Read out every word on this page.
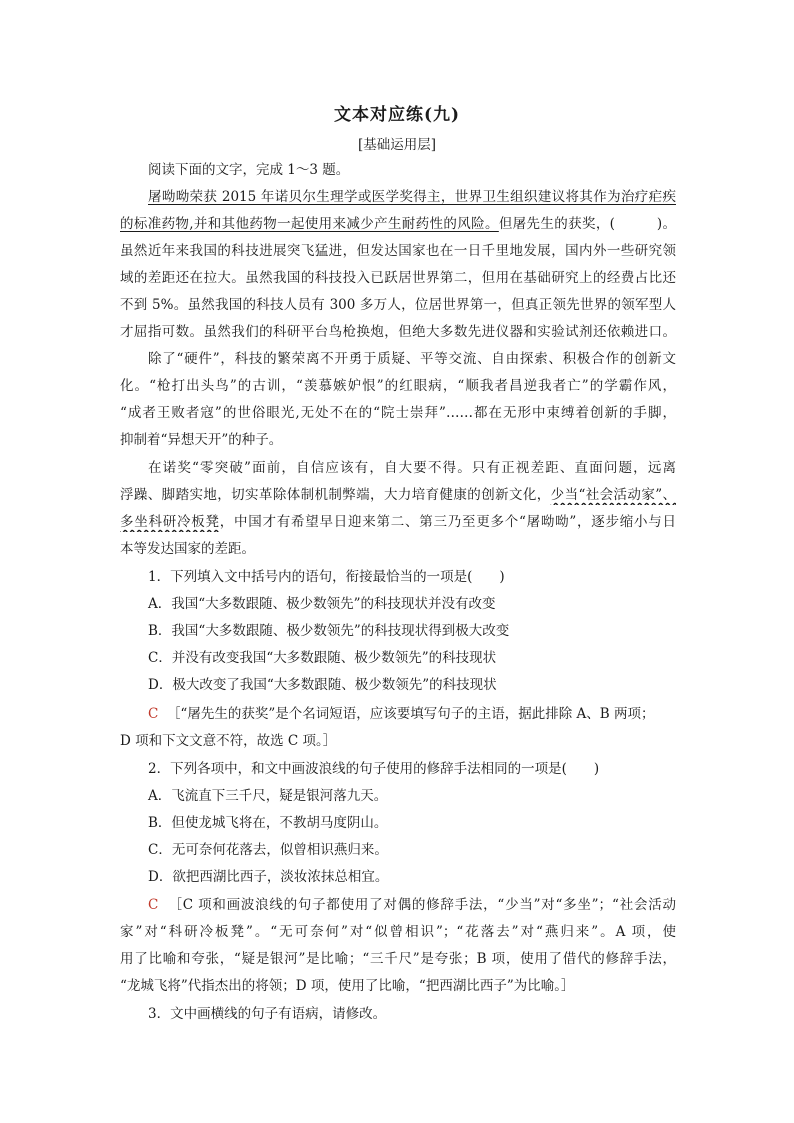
文本对应练(九)
[基础运用层]
阅读下面的文字，完成 1～3 题。
屠呦呦荣获 2015 年诺贝尔生理学或医学奖得主，世界卫生组织建议将其作为治疗疟疾
的标准药物,并和其他药物一起使用来减少产生耐药性的风险。但屠先生的获奖，(　　　)。
虽然近年来我国的科技进展突飞猛进，但发达国家也在一日千里地发展，国内外一些研究领
域的差距还在拉大。虽然我国的科技投入已跃居世界第二，但用在基础研究上的经费占比还
不到 5%。虽然我国的科技人员有 300 多万人，位居世界第一，但真正领先世界的领军型人
才屈指可数。虽然我们的科研平台鸟枪换炮，但绝大多数先进仪器和实验试剂还依赖进口。
除了“硬件”，科技的繁荣离不开勇于质疑、平等交流、自由探索、积极合作的创新文
化。“枪打出头鸟”的古训，“羡慕嫉妒恨”的红眼病，“顺我者昌逆我者亡”的学霸作风，
“成者王败者寇”的世俗眼光,无处不在的“院士崇拜”……都在无形中束缚着创新的手脚，
抑制着“异想天开”的种子。
在诺奖“零突破”面前，自信应该有，自大要不得。只有正视差距、直面问题，远离
浮躁、脚踏实地，切实革除体制机制弊端，大力培育健康的创新文化，少当“社会活动家”、
多坐科研冷板凳，中国才有希望早日迎来第二、第三乃至更多个“屠呦呦”，逐步缩小与日
本等发达国家的差距。
1．下列填入文中括号内的语句，衔接最恰当的一项是(　　)
A．我国“大多数跟随、极少数领先”的科技现状并没有改变
B．我国“大多数跟随、极少数领先”的科技现状得到极大改变
C．并没有改变我国“大多数跟随、极少数领先”的科技现状
D．极大改变了我国“大多数跟随、极少数领先”的科技现状
C ［“屠先生的获奖”是个名词短语，应该要填写句子的主语，据此排除 A、B 两项；
D 项和下文文意不符，故选 C 项。］
2．下列各项中，和文中画波浪线的句子使用的修辞手法相同的一项是(　　)
A．飞流直下三千尺，疑是银河落九天。
B．但使龙城飞将在，不教胡马度阴山。
C．无可奈何花落去，似曾相识燕归来。
D．欲把西湖比西子，淡妆浓抹总相宜。
C ［C 项和画波浪线的句子都使用了对偶的修辞手法，“少当”对“多坐”；“社会活动
家”对“科研冷板凳”。“无可奈何”对“似曾相识”；“花落去”对“燕归来”。A 项，使
用了比喻和夸张，“疑是银河”是比喻；“三千尺”是夸张；B 项，使用了借代的修辞手法，
“龙城飞将”代指杰出的将领；D 项，使用了比喻，“把西湖比西子”为比喻。］
3．文中画横线的句子有语病，请修改。
